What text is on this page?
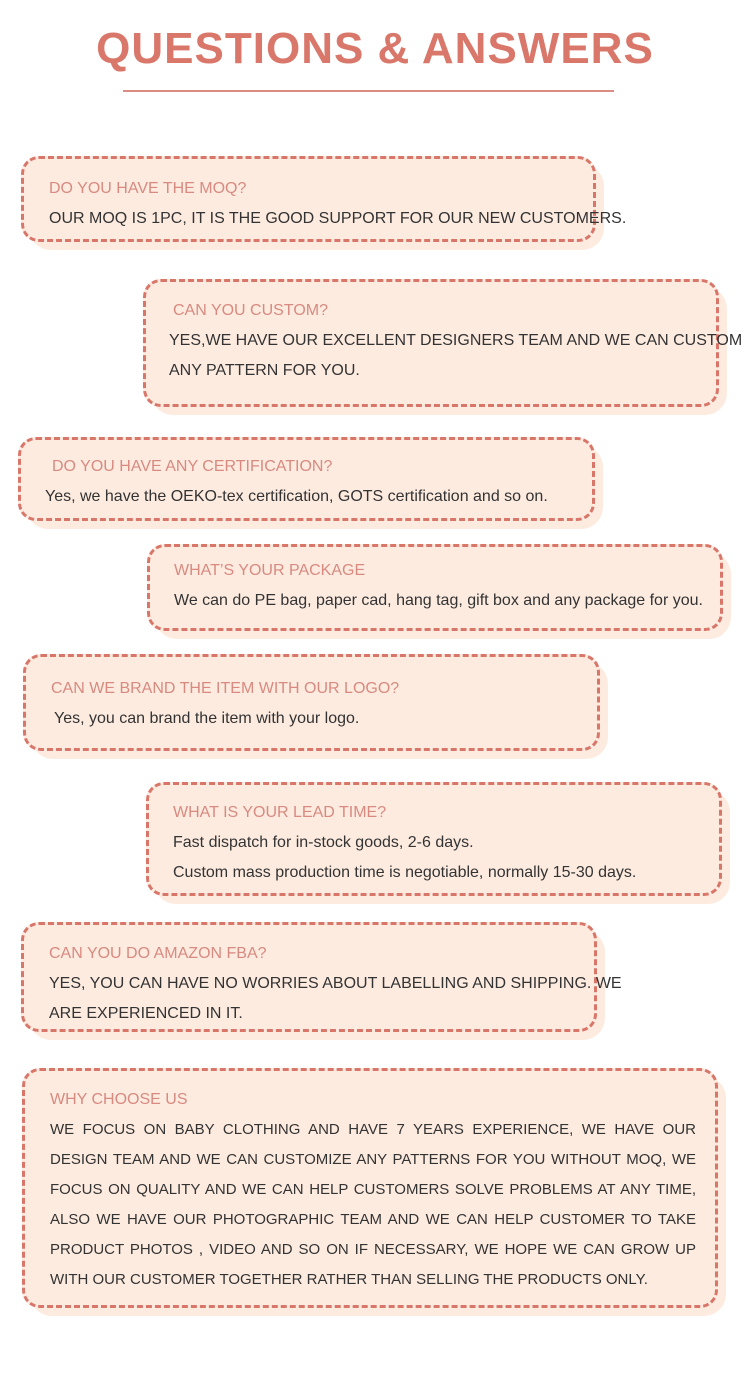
QUESTIONS & ANSWERS
DO YOU HAVE THE MOQ?

OUR MOQ IS 1PC, IT IS THE GOOD SUPPORT FOR OUR NEW CUSTOMERS.

CAN YOU CUSTOM?

YES,WE HAVE OUR EXCELLENT DESIGNERS TEAM AND WE CAN CUSTOM
ANY PATTERN FOR YOU.

DO YOU HAVE ANY CERTIFICATION?

Yes, we have the OEKO-tex certification, GOTS certification and so on.

WHAT’S YOUR PACKAGE

We can do PE bag, paper cad, hang tag, gift box and any package for you.

CAN WE BRAND THE ITEM WITH OUR LOGO?

Yes, you can brand the item with your logo.

WHAT IS YOUR LEAD TIME?

Fast dispatch for in-stock goods, 2-6 days.
Custom mass production time is negotiable, normally 15-30 days.

CAN YOU DO AMAZON FBA?

YES, YOU CAN HAVE NO WORRIES ABOUT LABELLING AND SHIPPING. WE
ARE EXPERIENCED IN IT.

WHY CHOOSE US

WE FOCUS ON BABY CLOTHING AND HAVE 7 YEARS EXPERIENCE, WE HAVE OUR DESIGN TEAM AND WE CAN CUSTOMIZE ANY PATTERNS FOR YOU WITHOUT MOQ, WE FOCUS ON QUALITY AND WE CAN HELP CUSTOMERS SOLVE PROBLEMS AT ANY TIME, ALSO WE HAVE OUR PHOTOGRAPHIC TEAM AND WE CAN HELP CUSTOMER TO TAKE PRODUCT PHOTOS , VIDEO AND SO ON IF NECESSARY, WE HOPE WE CAN GROW UP WITH OUR CUSTOMER TOGETHER RATHER THAN SELLING THE PRODUCTS ONLY.
